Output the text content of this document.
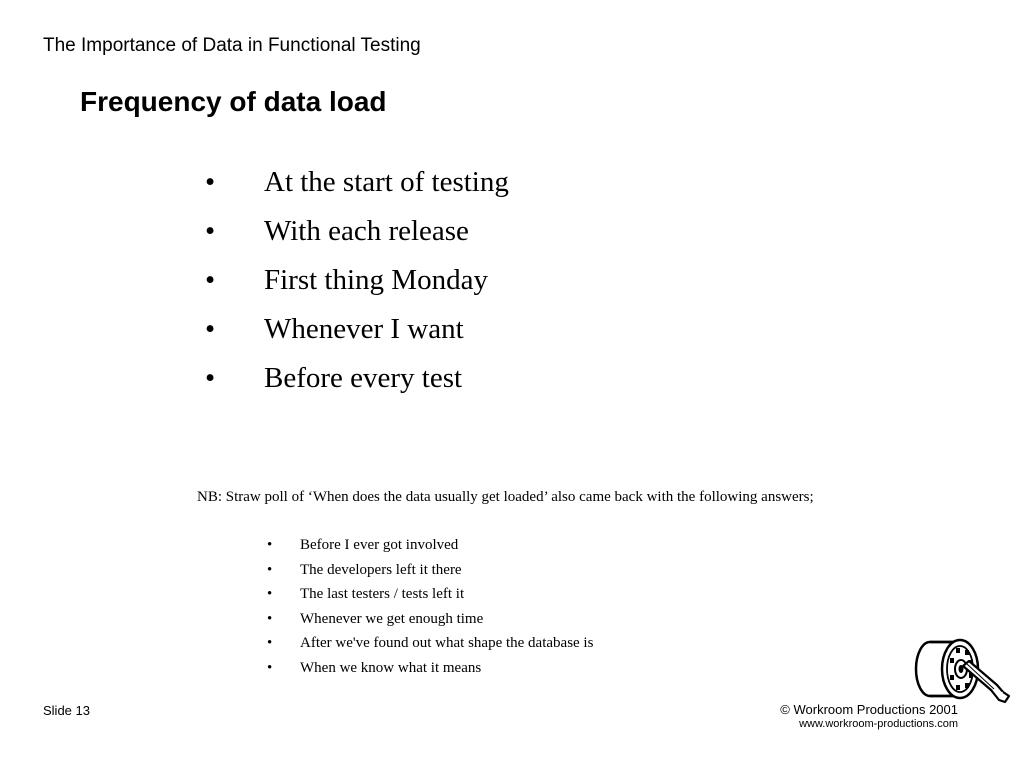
The Importance of Data in Functional Testing
Frequency of data load
•	At the start of testing
•	With each release
•	First thing Monday
•	Whenever I want
•	Before every test
NB: Straw poll of ‘When does the data usually get loaded’ also came back with the following answers;
• Before I ever got involved
• The developers left it there
• The last testers / tests left it
• Whenever we get enough time
• After we've found out what shape the database is
• When we know what it means
Slide 13	© Workroom Productions 2001
www.workroom-productions.com
